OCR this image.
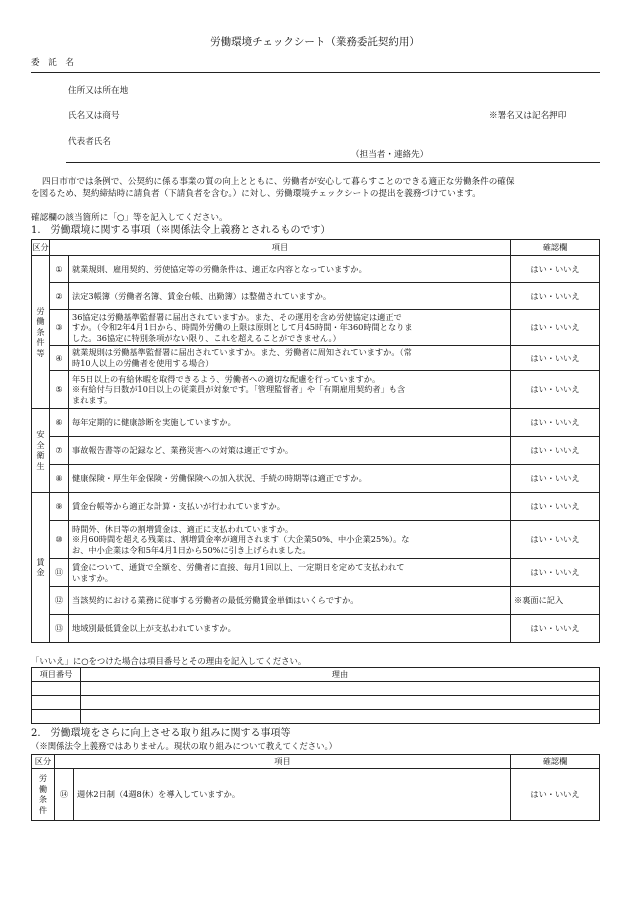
労働環境チェックシート（業務委託契約用）
委　託　名
住所又は所在地
氏名又は商号	※署名又は記名押印
代表者氏名
（担当者・連絡先）
四日市市では条例で、公契約に係る事業の質の向上とともに、労働者が安心して暮らすことのできる適正な労働条件の確保
を図るため、契約締結時に請負者（下請負者を含む。）に対し、労働環境チェックシートの提出を義務づけています。
確認欄の該当箇所に「○」等を記入してください。
1.　労働環境に関する事項（※関係法令上義務とされるものです）
区分	項目		確認欄
労働条件等	①	就業規則、雇用契約、労使協定等の労働条件は、適正な内容となっていますか。	はい・いいえ
	②	法定3帳簿（労働者名簿、賃金台帳、出勤簿）は整備されていますか。	はい・いいえ
	③	36協定は労働基準監督署に届出されていますか。また、その運用を含め労使協定は適正で
すか。（令和2年4月1日から、時間外労働の上限は原則として月45時間・年360時間となりま
した。36協定に特別条項がない限り、これを超えることができません。）	はい・いいえ
	④	就業規則は労働基準監督署に届出されていますか。また、労働者に周知されていますか。（常
時10人以上の労働者を使用する場合）	はい・いいえ
	⑤	年5日以上の有給休暇を取得できるよう、労働者への適切な配慮を行っていますか。
※有給付与日数が10日以上の従業員が対象です。「管理監督者」や「有期雇用契約者」も含
まれます。	はい・いいえ
安全衛生	⑥	毎年定期的に健康診断を実施していますか。	はい・いいえ
	⑦	事故報告書等の記録など、業務災害への対策は適正ですか。	はい・いいえ
	⑧	健康保険・厚生年金保険・労働保険への加入状況、手続の時期等は適正ですか。	はい・いいえ
賃金	⑨	賃金台帳等から適正な計算・支払いが行われていますか。	はい・いいえ
	⑩	時間外、休日等の割増賃金は、適正に支払われていますか。
※月60時間を超える残業は、割増賃金率が適用されます（大企業50%、中小企業25%）。な
お、中小企業は令和5年4月1日から50%に引き上げられました。	はい・いいえ
	⑪	賃金について、通貨で全額を、労働者に直接、毎月1回以上、一定期日を定めて支払われて
いますか。	はい・いいえ
	⑫	当該契約における業務に従事する労働者の最低労働賃金単価はいくらですか。	※裏面に記入
	⑬	地域別最低賃金以上が支払われていますか。	はい・いいえ
「いいえ」に○をつけた場合は項目番号とその理由を記入してください。
項目番号	理由

2.　労働環境をさらに向上させる取り組みに関する事項等
（※関係法令上義務ではありません。現状の取り組みについて教えてください。）
区分	項目		確認欄
労働条件	⑭	週休2日制（4週8休）を導入していますか。	はい・いいえ
